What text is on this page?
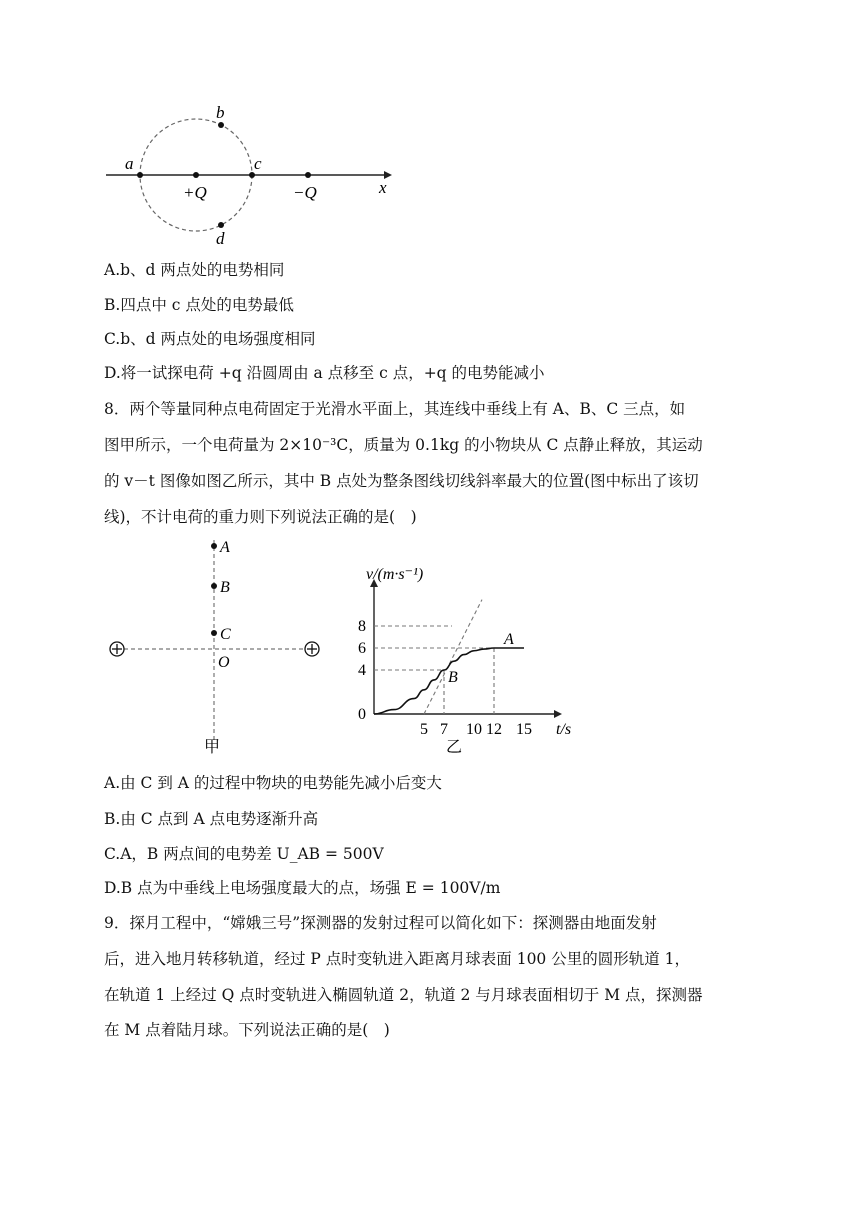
a
b
c
d
+Q	−Q	x
A.b、d 两点处的电势相同
B.四点中 c 点处的电势最低
C.b、d 两点处的电场强度相同
D.将一试探电荷 +q 沿圆周由 a 点移至 c 点，+q 的电势能减小
8．两个等量同种点电荷固定于光滑水平面上，其连线中垂线上有 A、B、C 三点，如
图甲所示，一个电荷量为 2×10⁻³C，质量为 0.1kg 的小物块从 C 点静止释放，其运动
的 v－t 图像如图乙所示，其中 B 点处为整条图线切线斜率最大的位置(图中标出了该切
线)，不计电荷的重力则下列说法正确的是(　)
A
B
C
O
甲
v/(m·s⁻¹)
t/s
5 7 10 12 15
0
4
6
8
A
B
乙
A.由 C 到 A 的过程中物块的电势能先减小后变大
B.由 C 点到 A 点电势逐渐升高
C.A，B 两点间的电势差 U_AB = 500V
D.B 点为中垂线上电场强度最大的点，场强 E = 100V/m
9．探月工程中，“嫦娥三号”探测器的发射过程可以简化如下：探测器由地面发射
后，进入地月转移轨道，经过 P 点时变轨进入距离月球表面 100 公里的圆形轨道 1，
在轨道 1 上经过 Q 点时变轨进入椭圆轨道 2，轨道 2 与月球表面相切于 M 点，探测器
在 M 点着陆月球。下列说法正确的是(　)
